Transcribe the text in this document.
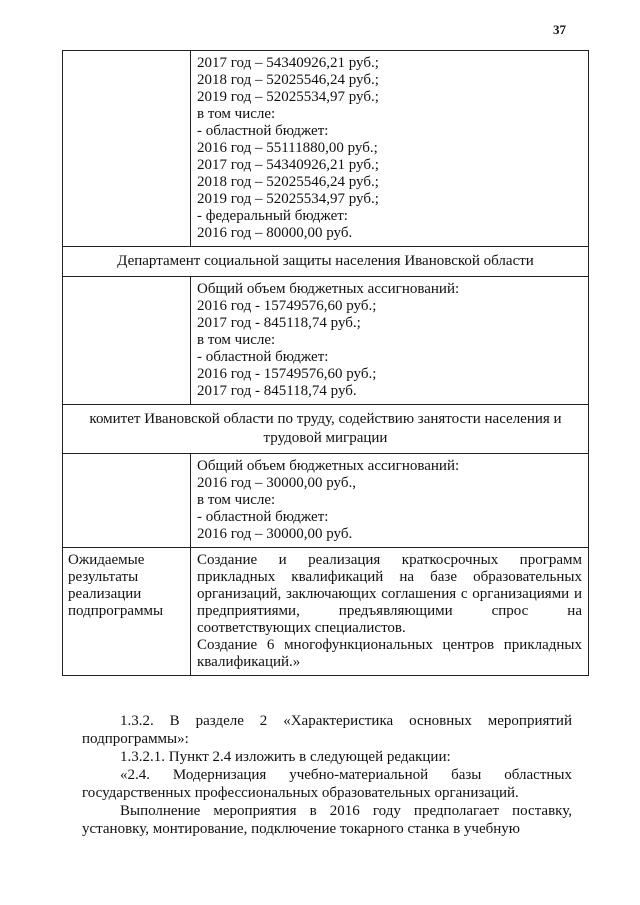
37
2017 год – 54340926,21 руб.;
2018 год – 52025546,24 руб.;
2019 год – 52025534,97 руб.;
в том числе:
- областной бюджет:
2016 год – 55111880,00 руб.;
2017 год – 54340926,21 руб.;
2018 год – 52025546,24 руб.;
2019 год – 52025534,97 руб.;
- федеральный бюджет:
2016 год – 80000,00 руб.
Департамент социальной защиты населения Ивановской области
Общий объем бюджетных ассигнований:
2016 год - 15749576,60 руб.;
2017 год - 845118,74 руб.;
в том числе:
- областной бюджет:
2016 год - 15749576,60 руб.;
2017 год - 845118,74 руб.
комитет Ивановской области по труду, содействию занятости населения и трудовой миграции
Общий объем бюджетных ассигнований:
2016 год – 30000,00 руб.,
в том числе:
- областной бюджет:
2016 год – 30000,00 руб.
Ожидаемые результаты реализации подпрограммы
Создание и реализация краткосрочных программ прикладных квалификаций на базе образовательных организаций, заключающих соглашения с организациями и предприятиями, предъявляющими спрос на соответствующих специалистов.
Создание 6 многофункциональных центров прикладных квалификаций.»

1.3.2. В разделе 2 «Характеристика основных мероприятий подпрограммы»:

1.3.2.1. Пункт 2.4 изложить в следующей редакции:

«2.4. Модернизация учебно-материальной базы областных государственных профессиональных образовательных организаций.

Выполнение мероприятия в 2016 году предполагает поставку, установку, монтирование, подключение токарного станка в учебную
